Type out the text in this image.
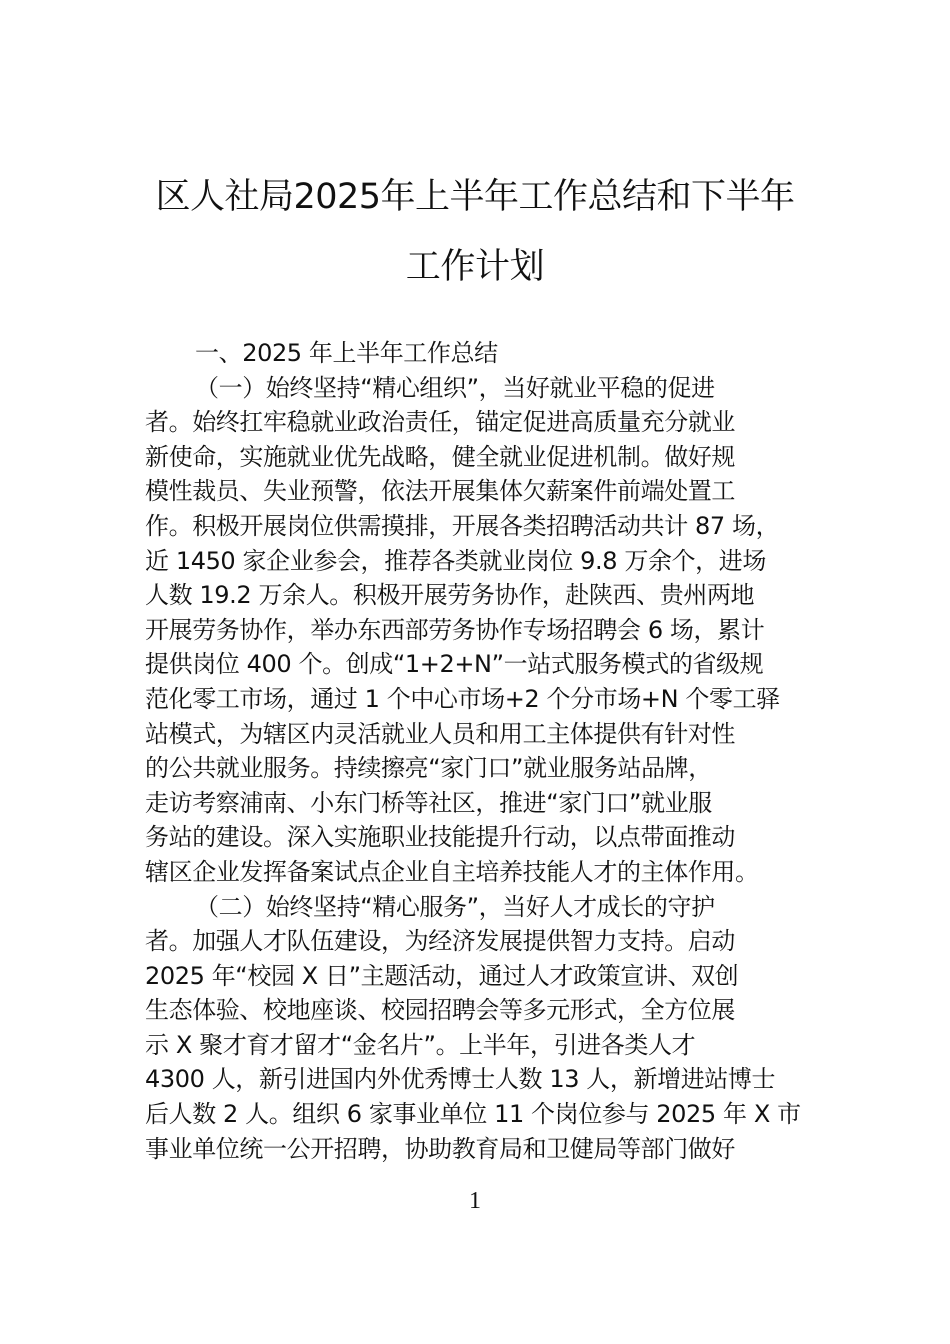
区人社局2025年上半年工作总结和下半年
工作计划
一、2025 年上半年工作总结
（一）始终坚持“精心组织”，当好就业平稳的促进
者。始终扛牢稳就业政治责任，锚定促进高质量充分就业
新使命，实施就业优先战略，健全就业促进机制。做好规
模性裁员、失业预警，依法开展集体欠薪案件前端处置工
作。积极开展岗位供需摸排，开展各类招聘活动共计 87 场，
近 1450 家企业参会，推荐各类就业岗位 9.8 万余个，进场
人数 19.2 万余人。积极开展劳务协作，赴陕西、贵州两地
开展劳务协作，举办东西部劳务协作专场招聘会 6 场，累计
提供岗位 400 个。创成“1+2+N”一站式服务模式的省级规
范化零工市场，通过 1 个中心市场+2 个分市场+N 个零工驿
站模式，为辖区内灵活就业人员和用工主体提供有针对性
的公共就业服务。持续擦亮“家门口”就业服务站品牌，
走访考察浦南、小东门桥等社区，推进“家门口”就业服
务站的建设。深入实施职业技能提升行动，以点带面推动
辖区企业发挥备案试点企业自主培养技能人才的主体作用。
（二）始终坚持“精心服务”，当好人才成长的守护
者。加强人才队伍建设，为经济发展提供智力支持。启动
2025 年“校园 X 日”主题活动，通过人才政策宣讲、双创
生态体验、校地座谈、校园招聘会等多元形式，全方位展
示 X 聚才育才留才“金名片”。上半年，引进各类人才
4300 人，新引进国内外优秀博士人数 13 人，新增进站博士
后人数 2 人。组织 6 家事业单位 11 个岗位参与 2025 年 X 市
事业单位统一公开招聘，协助教育局和卫健局等部门做好
1
